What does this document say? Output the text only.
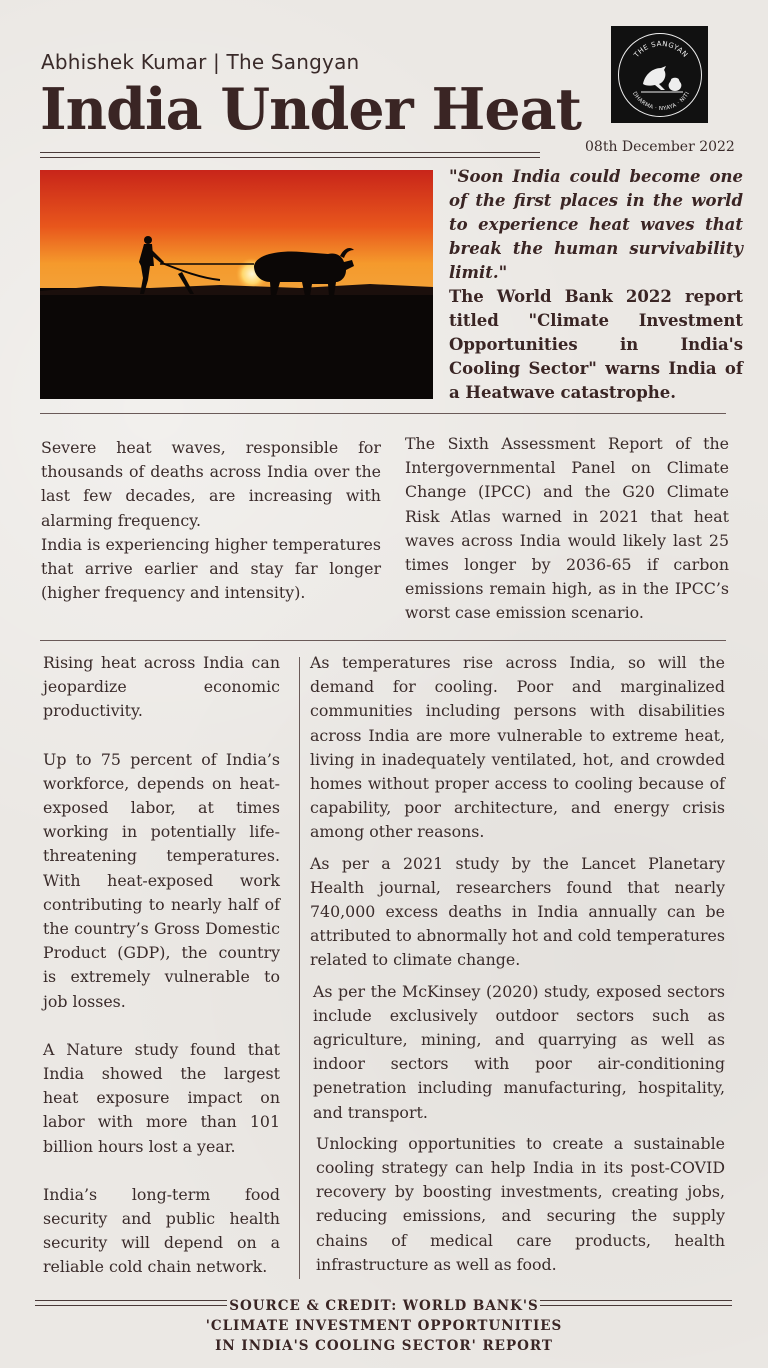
Abhishek Kumar | The Sangyan
India Under Heat
THE SANGYAN
DHARMA · NYAYA · NITI
08th December 2022
"Soon India could become one of the first places in the world to experience heat waves that break the human survivability limit."
The World Bank 2022 report titled "Climate Investment Opportunities in India's Cooling Sector" warns India of a Heatwave catastrophe.

Severe heat waves, responsible for thousands of deaths across India over the last few decades, are increasing with alarming frequency.

India is experiencing higher temperatures that arrive earlier and stay far longer (higher frequency and intensity).

The Sixth Assessment Report of the Intergovernmental Panel on Climate Change (IPCC) and the G20 Climate Risk Atlas warned in 2021 that heat waves across India would likely last 25 times longer by 2036-65 if carbon emissions remain high, as in the IPCC’s worst case emission scenario.

Rising heat across India can jeopardize economic productivity.

Up to 75 percent of India’s workforce, depends on heat-exposed labor, at times working in potentially life-threatening temperatures. With heat-exposed work contributing to nearly half of the country’s Gross Domestic Product (GDP), the country is extremely vulnerable to job losses.

A Nature study found that India showed the largest heat exposure impact on labor with more than 101 billion hours lost a year.

India’s long-term food security and public health security will depend on a reliable cold chain network.

As temperatures rise across India, so will the demand for cooling. Poor and marginalized communities including persons with disabilities across India are more vulnerable to extreme heat, living in inadequately ventilated, hot, and crowded homes without proper access to cooling because of capability, poor architecture, and energy crisis among other reasons.

As per a 2021 study by the Lancet Planetary Health journal, researchers found that nearly 740,000 excess deaths in India annually can be attributed to abnormally hot and cold temperatures related to climate change.

As per the McKinsey (2020) study, exposed sectors include exclusively outdoor sectors such as agriculture, mining, and quarrying as well as indoor sectors with poor air-conditioning penetration including manufacturing, hospitality, and transport.

Unlocking opportunities to create a sustainable cooling strategy can help India in its post-COVID recovery by boosting investments, creating jobs, reducing emissions, and securing the supply chains of medical care products, health infrastructure as well as food.

SOURCE & CREDIT: WORLD BANK'S
'CLIMATE INVESTMENT OPPORTUNITIES
IN INDIA'S COOLING SECTOR' REPORT
